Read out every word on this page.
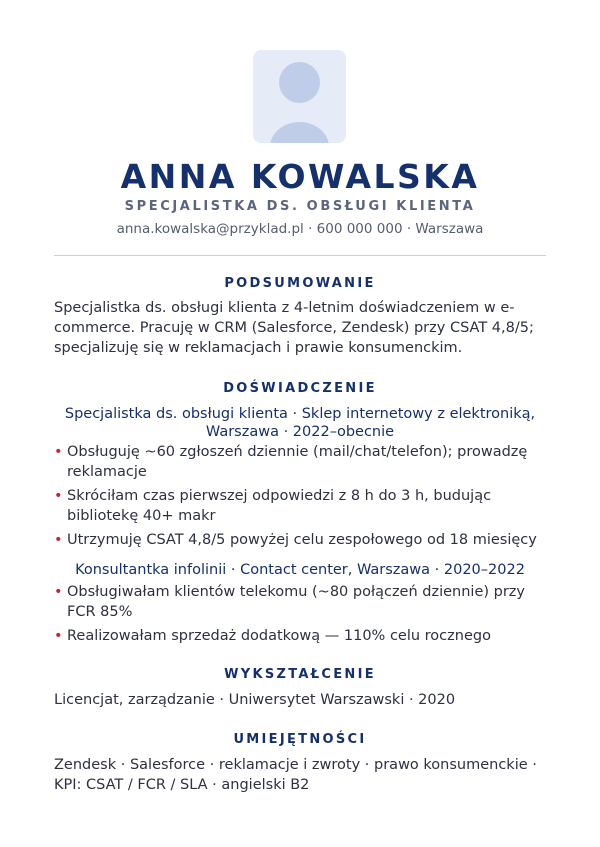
ANNA KOWALSKA
SPECJALISTKA DS. OBSŁUGI KLIENTA
anna.kowalska@przyklad.pl · 600 000 000 · Warszawa
PODSUMOWANIE
Specjalistka ds. obsługi klienta z 4-letnim doświadczeniem w e-commerce. Pracuję w CRM (Salesforce, Zendesk) przy CSAT 4,8/5; specjalizuję się w reklamacjach i prawie konsumenckim.
DOŚWIADCZENIE
Specjalistka ds. obsługi klienta · Sklep internetowy z elektroniką, Warszawa · 2022–obecnie
• Obsługuję ~60 zgłoszeń dziennie (mail/chat/telefon); prowadzę reklamacje
• Skróciłam czas pierwszej odpowiedzi z 8 h do 3 h, budując bibliotekę 40+ makr
• Utrzymuję CSAT 4,8/5 powyżej celu zespołowego od 18 miesięcy
Konsultantka infolinii · Contact center, Warszawa · 2020–2022
• Obsługiwałam klientów telekomu (~80 połączeń dziennie) przy FCR 85%
• Realizowałam sprzedaż dodatkową — 110% celu rocznego
WYKSZTAŁCENIE
Licencjat, zarządzanie · Uniwersytet Warszawski · 2020
UMIEJĘTNOŚCI
Zendesk · Salesforce · reklamacje i zwroty · prawo konsumenckie · KPI: CSAT / FCR / SLA · angielski B2
